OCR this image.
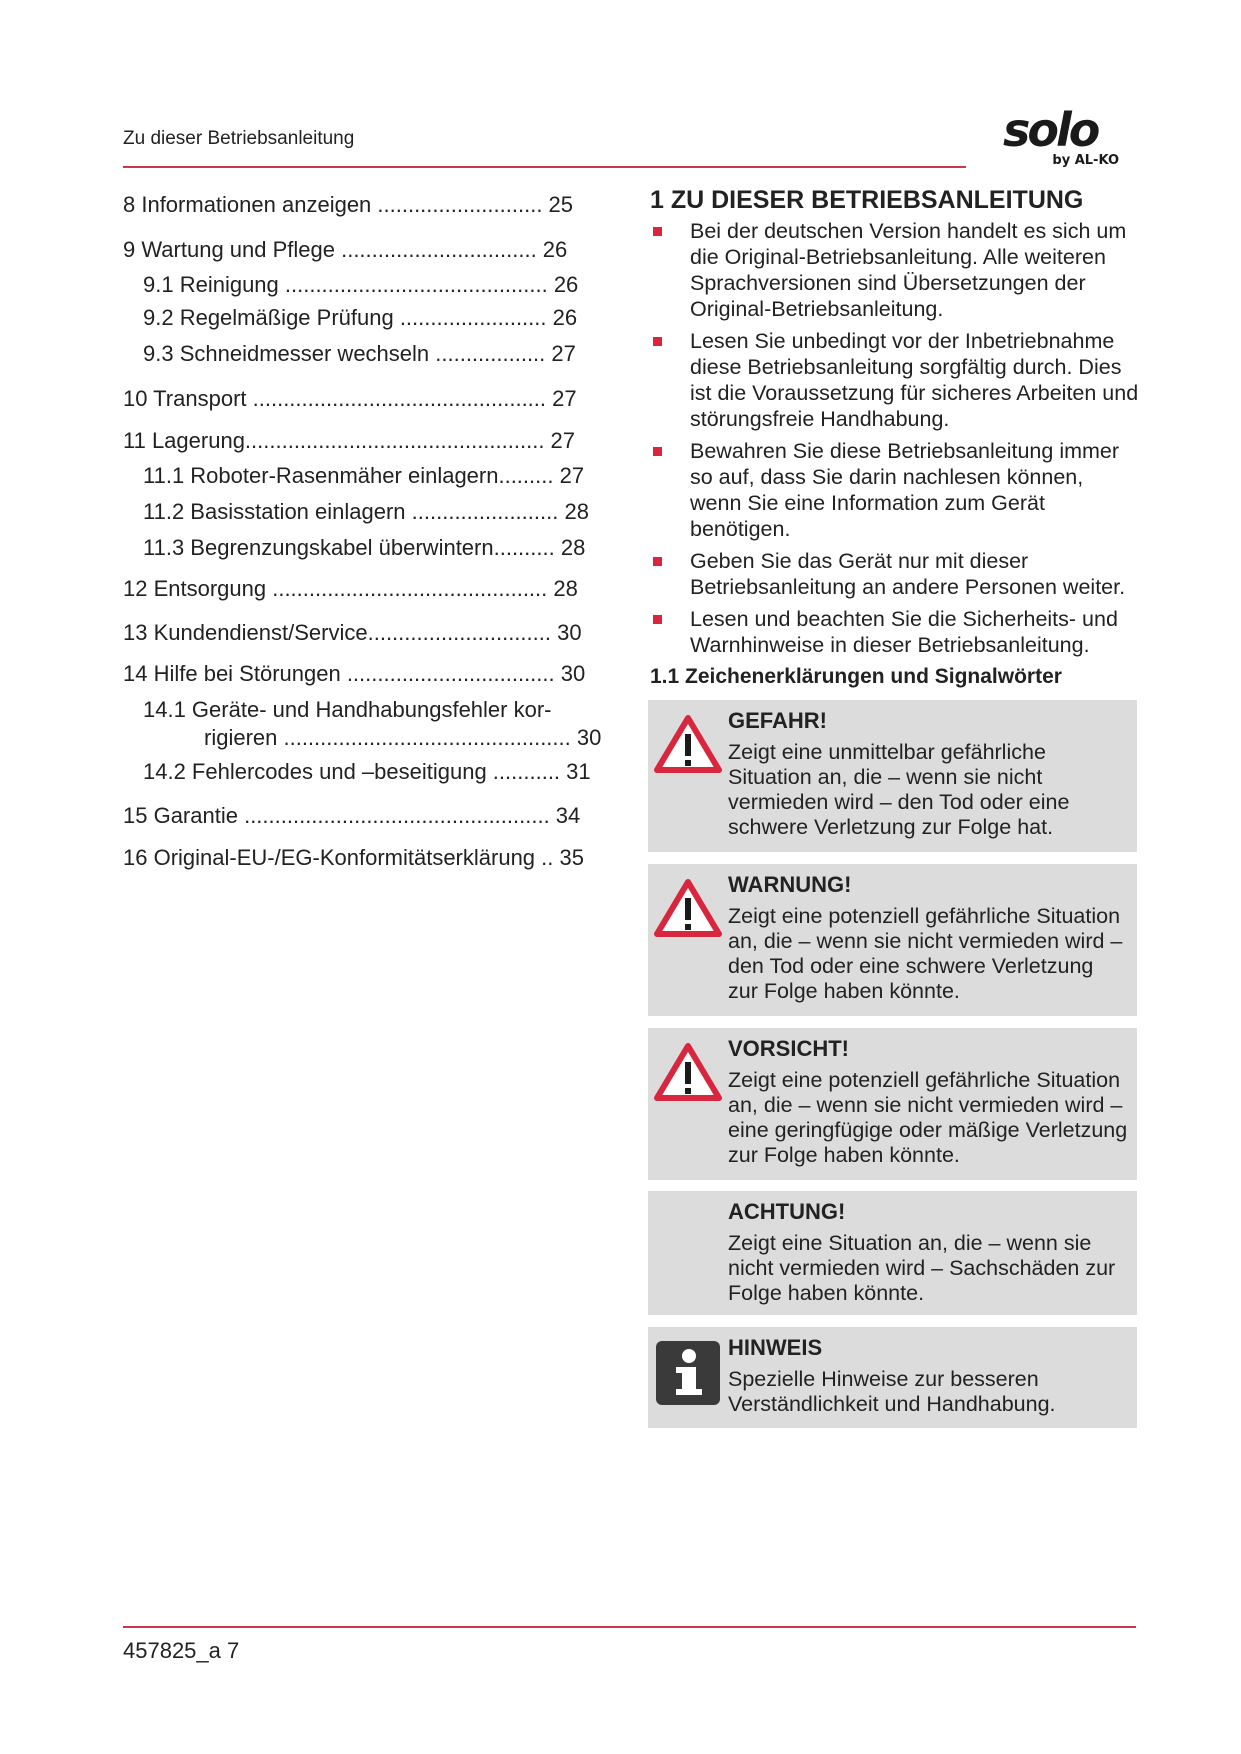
Zu dieser Betriebsanleitung	solo
by AL-KO
8 Informationen anzeigen ........................... 25
9 Wartung und Pflege ................................ 26
9.1 Reinigung ........................................... 26
9.2 Regelmäßige Prüfung ........................ 26
9.3 Schneidmesser wechseln .................. 27
10 Transport ................................................ 27
11 Lagerung................................................. 27
11.1 Roboter-Rasenmäher einlagern......... 27
11.2 Basisstation einlagern ........................ 28
11.3 Begrenzungskabel überwintern.......... 28
12 Entsorgung ............................................. 28
13 Kundendienst/Service.............................. 30
14 Hilfe bei Störungen .................................. 30
14.1 Geräte- und Handhabungsfehler kor-
rigieren ............................................... 30
14.2 Fehlercodes und –beseitigung ........... 31
15 Garantie .................................................. 34
16 Original-EU-/EG-Konformitätserklärung .. 35
1 ZU DIESER BETRIEBSANLEITUNG
Bei der deutschen Version handelt es sich um die Original-Betriebsanleitung. Alle weiteren Sprachversionen sind Übersetzungen der Original-Betriebsanleitung.
Lesen Sie unbedingt vor der Inbetriebnahme diese Betriebsanleitung sorgfältig durch. Dies ist die Voraussetzung für sicheres Arbeiten und störungsfreie Handhabung.
Bewahren Sie diese Betriebsanleitung immer so auf, dass Sie darin nachlesen können, wenn Sie eine Information zum Gerät benötigen.
Geben Sie das Gerät nur mit dieser Betriebsanleitung an andere Personen weiter.
Lesen und beachten Sie die Sicherheits- und Warnhinweise in dieser Betriebsanleitung.
1.1 Zeichenerklärungen und Signalwörter
GEFAHR!
Zeigt eine unmittelbar gefährliche Situation an, die – wenn sie nicht vermieden wird – den Tod oder eine schwere Verletzung zur Folge hat.
WARNUNG!
Zeigt eine potenziell gefährliche Situation an, die – wenn sie nicht vermieden wird – den Tod oder eine schwere Verletzung zur Folge haben könnte.
VORSICHT!
Zeigt eine potenziell gefährliche Situation an, die – wenn sie nicht vermieden wird – eine geringfügige oder mäßige Verletzung zur Folge haben könnte.
ACHTUNG!
Zeigt eine Situation an, die – wenn sie nicht vermieden wird – Sachschäden zur Folge haben könnte.
HINWEIS
Spezielle Hinweise zur besseren Verständlichkeit und Handhabung.
457825_a 7
